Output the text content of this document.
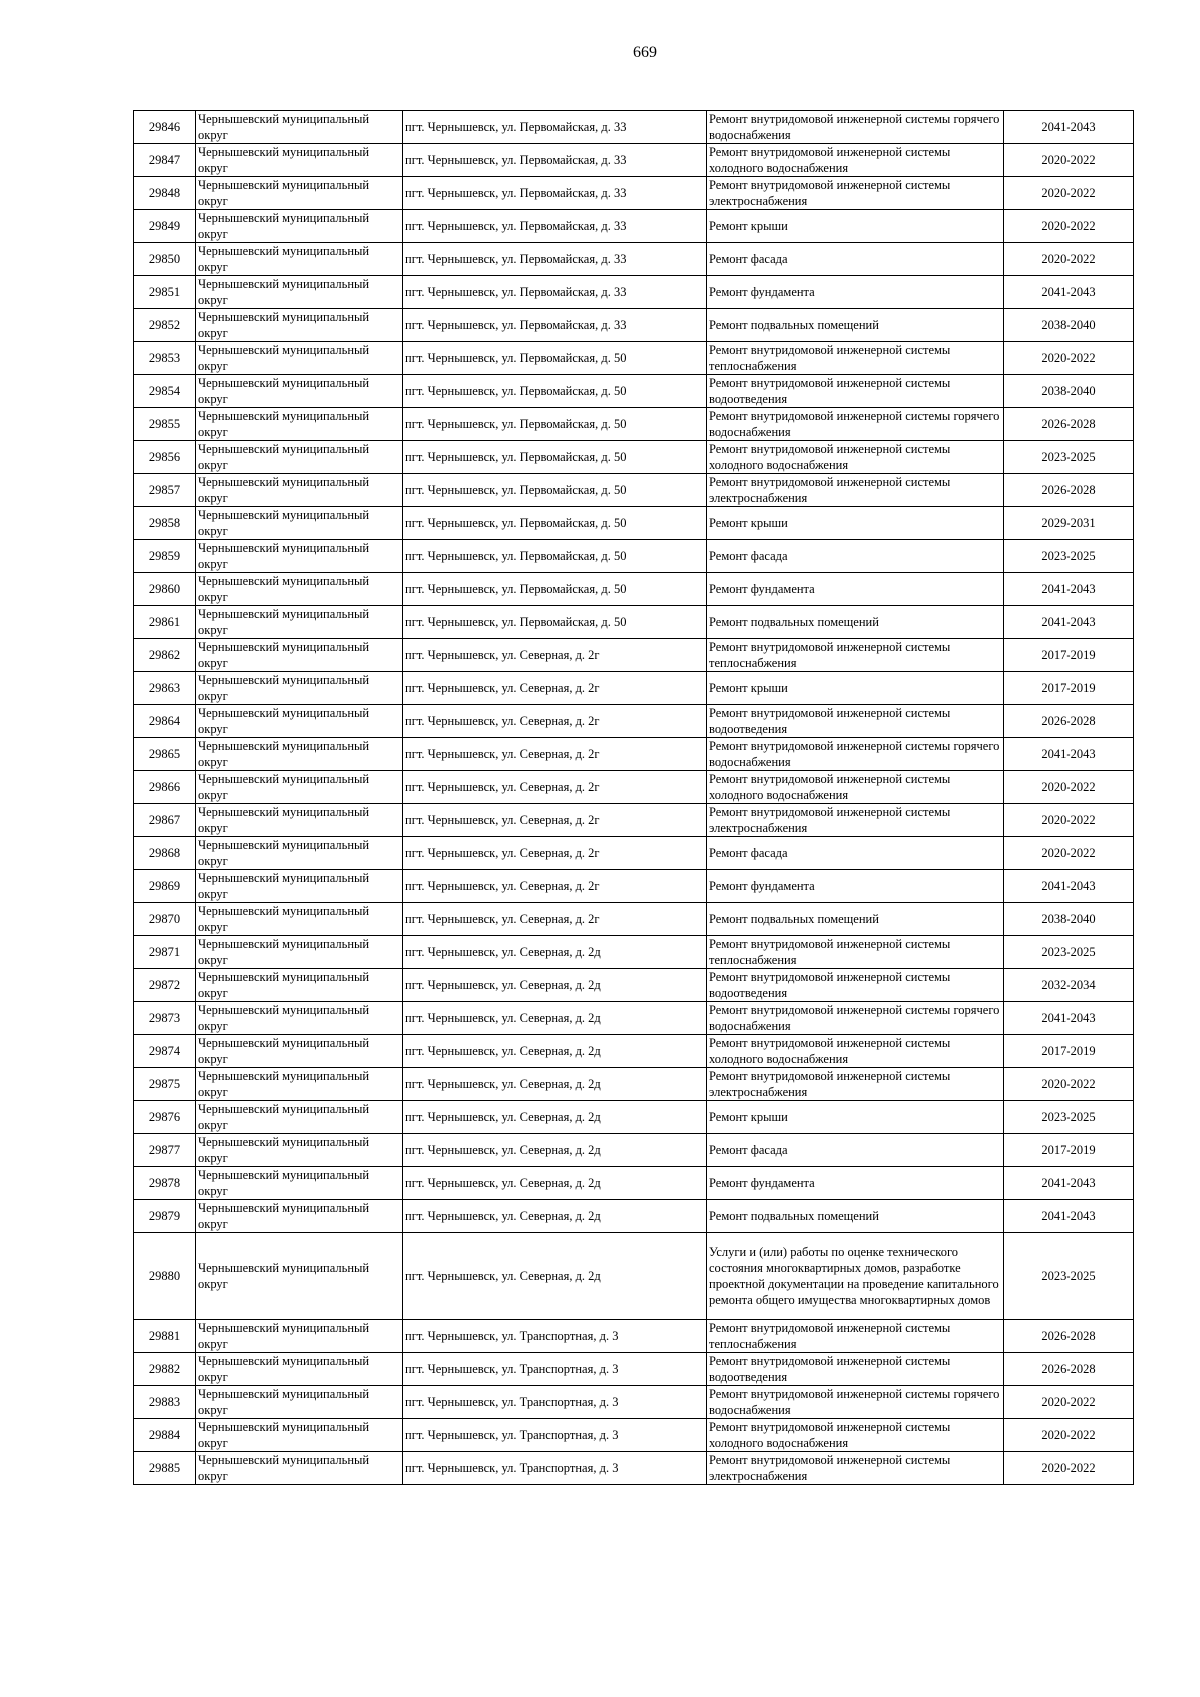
669
29846	Чернышевский муниципальный округ	пгт. Чернышевск, ул. Первомайская, д. 33	Ремонт внутридомовой инженерной системы горячего водоснабжения	2041-2043
29847	Чернышевский муниципальный округ	пгт. Чернышевск, ул. Первомайская, д. 33	Ремонт внутридомовой инженерной системы холодного водоснабжения	2020-2022
29848	Чернышевский муниципальный округ	пгт. Чернышевск, ул. Первомайская, д. 33	Ремонт внутридомовой инженерной системы электроснабжения	2020-2022
29849	Чернышевский муниципальный округ	пгт. Чернышевск, ул. Первомайская, д. 33	Ремонт крыши	2020-2022
29850	Чернышевский муниципальный округ	пгт. Чернышевск, ул. Первомайская, д. 33	Ремонт фасада	2020-2022
29851	Чернышевский муниципальный округ	пгт. Чернышевск, ул. Первомайская, д. 33	Ремонт фундамента	2041-2043
29852	Чернышевский муниципальный округ	пгт. Чернышевск, ул. Первомайская, д. 33	Ремонт подвальных помещений	2038-2040
29853	Чернышевский муниципальный округ	пгт. Чернышевск, ул. Первомайская, д. 50	Ремонт внутридомовой инженерной системы теплоснабжения	2020-2022
29854	Чернышевский муниципальный округ	пгт. Чернышевск, ул. Первомайская, д. 50	Ремонт внутридомовой инженерной системы водоотведения	2038-2040
29855	Чернышевский муниципальный округ	пгт. Чернышевск, ул. Первомайская, д. 50	Ремонт внутридомовой инженерной системы горячего водоснабжения	2026-2028
29856	Чернышевский муниципальный округ	пгт. Чернышевск, ул. Первомайская, д. 50	Ремонт внутридомовой инженерной системы холодного водоснабжения	2023-2025
29857	Чернышевский муниципальный округ	пгт. Чернышевск, ул. Первомайская, д. 50	Ремонт внутридомовой инженерной системы электроснабжения	2026-2028
29858	Чернышевский муниципальный округ	пгт. Чернышевск, ул. Первомайская, д. 50	Ремонт крыши	2029-2031
29859	Чернышевский муниципальный округ	пгт. Чернышевск, ул. Первомайская, д. 50	Ремонт фасада	2023-2025
29860	Чернышевский муниципальный округ	пгт. Чернышевск, ул. Первомайская, д. 50	Ремонт фундамента	2041-2043
29861	Чернышевский муниципальный округ	пгт. Чернышевск, ул. Первомайская, д. 50	Ремонт подвальных помещений	2041-2043
29862	Чернышевский муниципальный округ	пгт. Чернышевск, ул. Северная, д. 2г	Ремонт внутридомовой инженерной системы теплоснабжения	2017-2019
29863	Чернышевский муниципальный округ	пгт. Чернышевск, ул. Северная, д. 2г	Ремонт крыши	2017-2019
29864	Чернышевский муниципальный округ	пгт. Чернышевск, ул. Северная, д. 2г	Ремонт внутридомовой инженерной системы водоотведения	2026-2028
29865	Чернышевский муниципальный округ	пгт. Чернышевск, ул. Северная, д. 2г	Ремонт внутридомовой инженерной системы горячего водоснабжения	2041-2043
29866	Чернышевский муниципальный округ	пгт. Чернышевск, ул. Северная, д. 2г	Ремонт внутридомовой инженерной системы холодного водоснабжения	2020-2022
29867	Чернышевский муниципальный округ	пгт. Чернышевск, ул. Северная, д. 2г	Ремонт внутридомовой инженерной системы электроснабжения	2020-2022
29868	Чернышевский муниципальный округ	пгт. Чернышевск, ул. Северная, д. 2г	Ремонт фасада	2020-2022
29869	Чернышевский муниципальный округ	пгт. Чернышевск, ул. Северная, д. 2г	Ремонт фундамента	2041-2043
29870	Чернышевский муниципальный округ	пгт. Чернышевск, ул. Северная, д. 2г	Ремонт подвальных помещений	2038-2040
29871	Чернышевский муниципальный округ	пгт. Чернышевск, ул. Северная, д. 2д	Ремонт внутридомовой инженерной системы теплоснабжения	2023-2025
29872	Чернышевский муниципальный округ	пгт. Чернышевск, ул. Северная, д. 2д	Ремонт внутридомовой инженерной системы водоотведения	2032-2034
29873	Чернышевский муниципальный округ	пгт. Чернышевск, ул. Северная, д. 2д	Ремонт внутридомовой инженерной системы горячего водоснабжения	2041-2043
29874	Чернышевский муниципальный округ	пгт. Чернышевск, ул. Северная, д. 2д	Ремонт внутридомовой инженерной системы холодного водоснабжения	2017-2019
29875	Чернышевский муниципальный округ	пгт. Чернышевск, ул. Северная, д. 2д	Ремонт внутридомовой инженерной системы электроснабжения	2020-2022
29876	Чернышевский муниципальный округ	пгт. Чернышевск, ул. Северная, д. 2д	Ремонт крыши	2023-2025
29877	Чернышевский муниципальный округ	пгт. Чернышевск, ул. Северная, д. 2д	Ремонт фасада	2017-2019
29878	Чернышевский муниципальный округ	пгт. Чернышевск, ул. Северная, д. 2д	Ремонт фундамента	2041-2043
29879	Чернышевский муниципальный округ	пгт. Чернышевск, ул. Северная, д. 2д	Ремонт подвальных помещений	2041-2043
29880	Чернышевский муниципальный округ	пгт. Чернышевск, ул. Северная, д. 2д	Услуги и (или) работы по оценке технического состояния многоквартирных домов, разработке проектной документации на проведение капитального ремонта общего имущества многоквартирных домов	2023-2025
29881	Чернышевский муниципальный округ	пгт. Чернышевск, ул. Транспортная, д. 3	Ремонт внутридомовой инженерной системы теплоснабжения	2026-2028
29882	Чернышевский муниципальный округ	пгт. Чернышевск, ул. Транспортная, д. 3	Ремонт внутридомовой инженерной системы водоотведения	2026-2028
29883	Чернышевский муниципальный округ	пгт. Чернышевск, ул. Транспортная, д. 3	Ремонт внутридомовой инженерной системы горячего водоснабжения	2020-2022
29884	Чернышевский муниципальный округ	пгт. Чернышевск, ул. Транспортная, д. 3	Ремонт внутридомовой инженерной системы холодного водоснабжения	2020-2022
29885	Чернышевский муниципальный округ	пгт. Чернышевск, ул. Транспортная, д. 3	Ремонт внутридомовой инженерной системы электроснабжения	2020-2022
